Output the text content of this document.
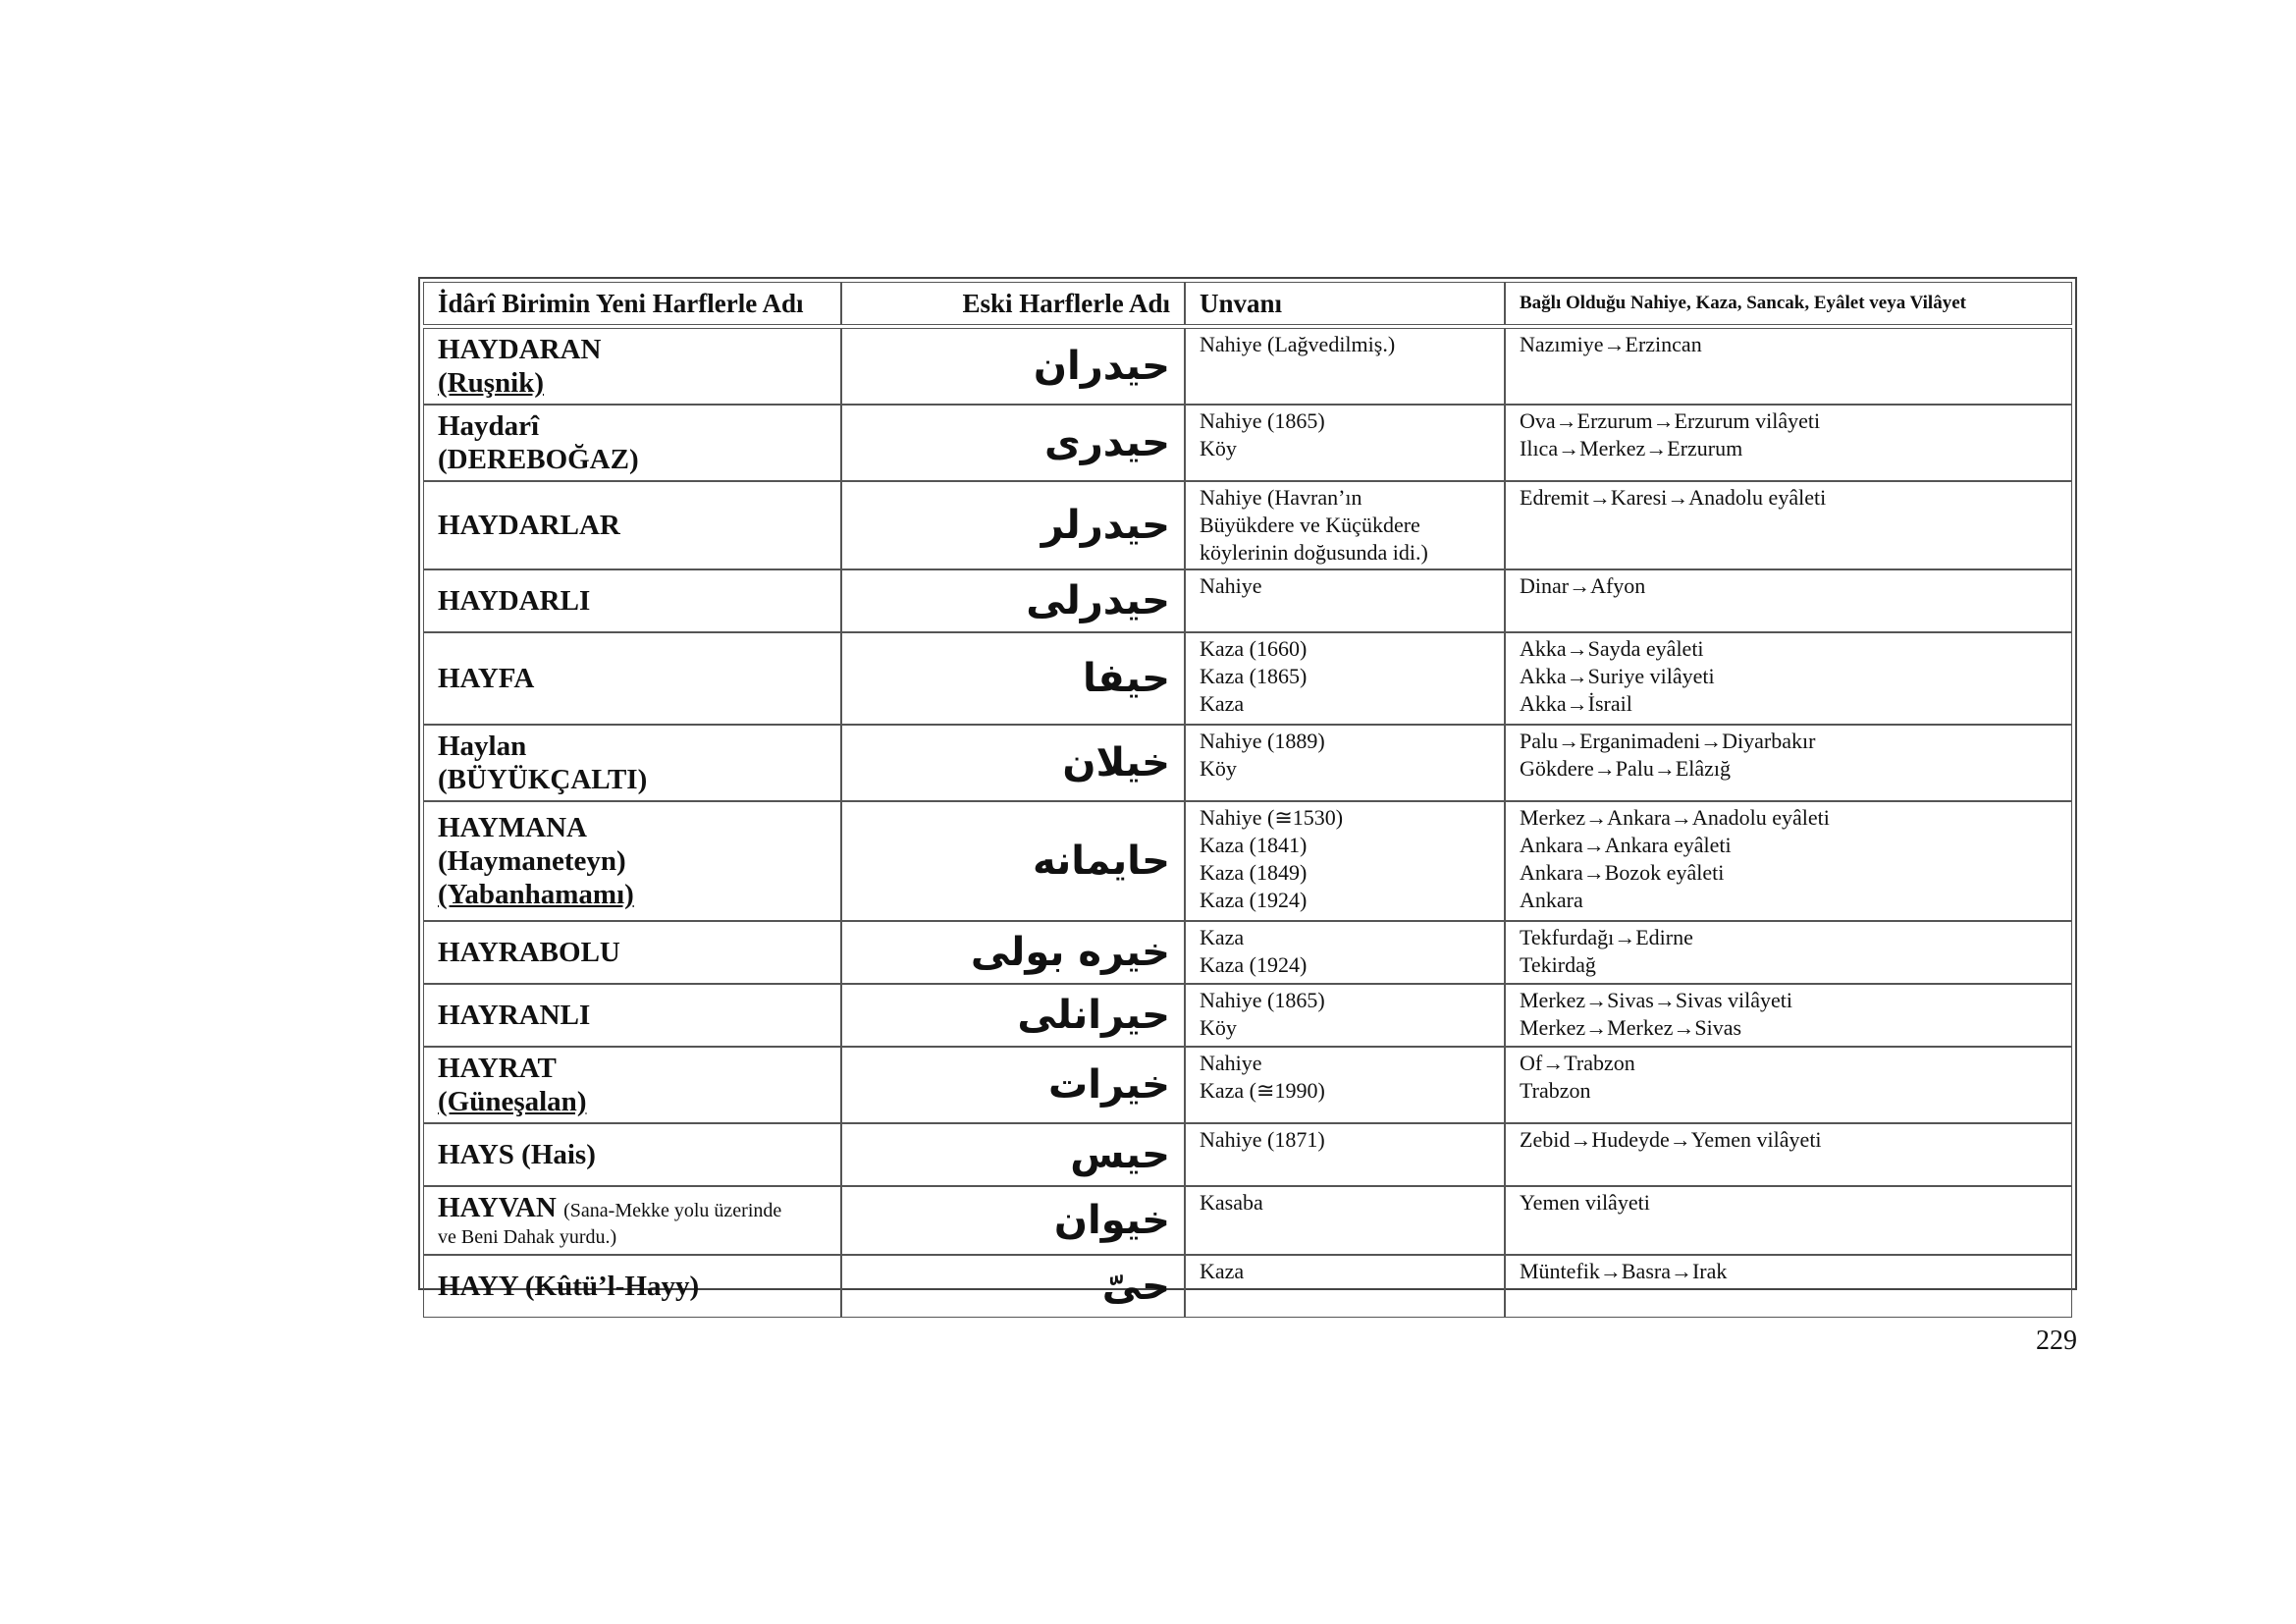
İdârî Birimin Yeni Harflerle Adı	Eski Harflerle Adı	Unvanı	Bağlı Olduğu Nahiye, Kaza, Sancak, Eyâlet veya Vilâyet

HAYDARAN
(Ruşnik)	حيدران	Nahiye (Lağvedilmiş.)	Nazımiye→Erzincan

Haydarî
(DEREBOĞAZ)	حيدرى	Nahiye (1865)
Köy	Ova→Erzurum→Erzurum vilâyeti
Ilıca→Merkez→Erzurum

HAYDARLAR	حيدرلر	Nahiye (Havran’ın
Büyükdere ve Küçükdere
köylerinin doğusunda idi.)	Edremit→Karesi→Anadolu eyâleti

HAYDARLI	حيدرلى	Nahiye	Dinar→Afyon

HAYFA	حيفا	Kaza (1660)
Kaza (1865)
Kaza	Akka→Sayda eyâleti
Akka→Suriye vilâyeti
Akka→İsrail

Haylan
(BÜYÜKÇALTI)	خيلان	Nahiye (1889)
Köy	Palu→Erganimadeni→Diyarbakır
Gökdere→Palu→Elâzığ

HAYMANA
(Haymaneteyn)
(Yabanhamamı)	حايمانه	Nahiye (≅1530)
Kaza (1841)
Kaza (1849)
Kaza (1924)	Merkez→Ankara→Anadolu eyâleti
Ankara→Ankara eyâleti
Ankara→Bozok eyâleti
Ankara

HAYRABOLU	خيره بولى	Kaza
Kaza (1924)	Tekfurdağı→Edirne
Tekirdağ

HAYRANLI	حيرانلى	Nahiye (1865)
Köy	Merkez→Sivas→Sivas vilâyeti
Merkez→Merkez→Sivas

HAYRAT
(Güneşalan)	خيرات	Nahiye
Kaza (≅1990)	Of→Trabzon
Trabzon

HAYS (Hais)	حيس	Nahiye (1871)	Zebid→Hudeyde→Yemen vilâyeti

HAYVAN (Sana-Mekke yolu üzerinde
ve Beni Dahak yurdu.)	خيوان	Kasaba	Yemen vilâyeti

HAYY (Kûtü’l-Hayy)	حىّ	Kaza	Müntefik→Basra→Irak
229
